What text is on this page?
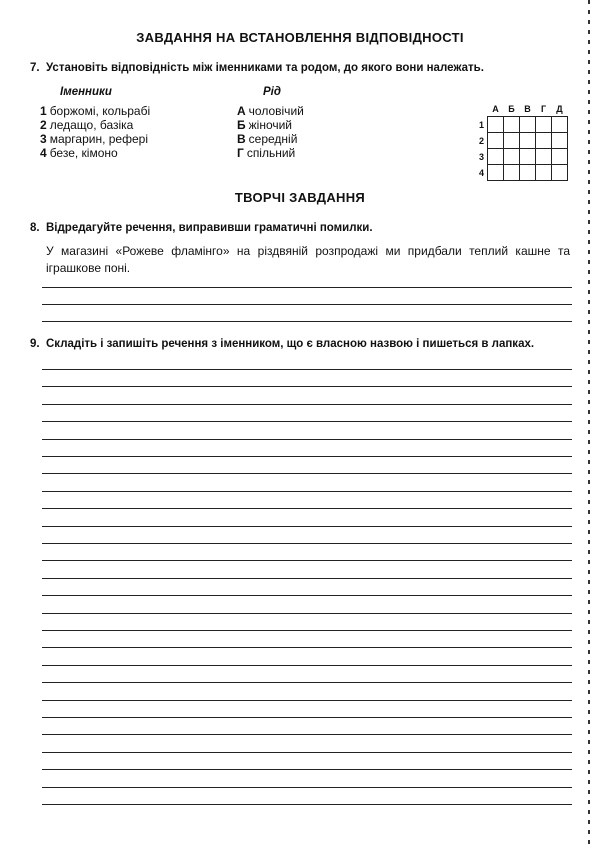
ЗАВДАННЯ НА ВСТАНОВЛЕННЯ ВІДПОВІДНОСТІ
7. Установіть відповідність між іменниками та родом, до якого вони належать.
Іменники	Рід
1 боржомі, кольрабі
2 ледащо, базіка
3 маргарин, рефері
4 безе, кімоно
А чоловічий
Б жіночий
В середній
Г спільний
	А	Б	В	Г	Д
1					
2					
3					
4					
ТВОРЧІ ЗАВДАННЯ
8. Відредагуйте речення, виправивши граматичні помилки.
У магазині «Рожеве фламінго» на різдвяній розпродажі ми придбали теплий кашне та іграшкове поні.
9. Складіть і запишіть речення з іменником, що є власною назвою і пишеться в лапках.
